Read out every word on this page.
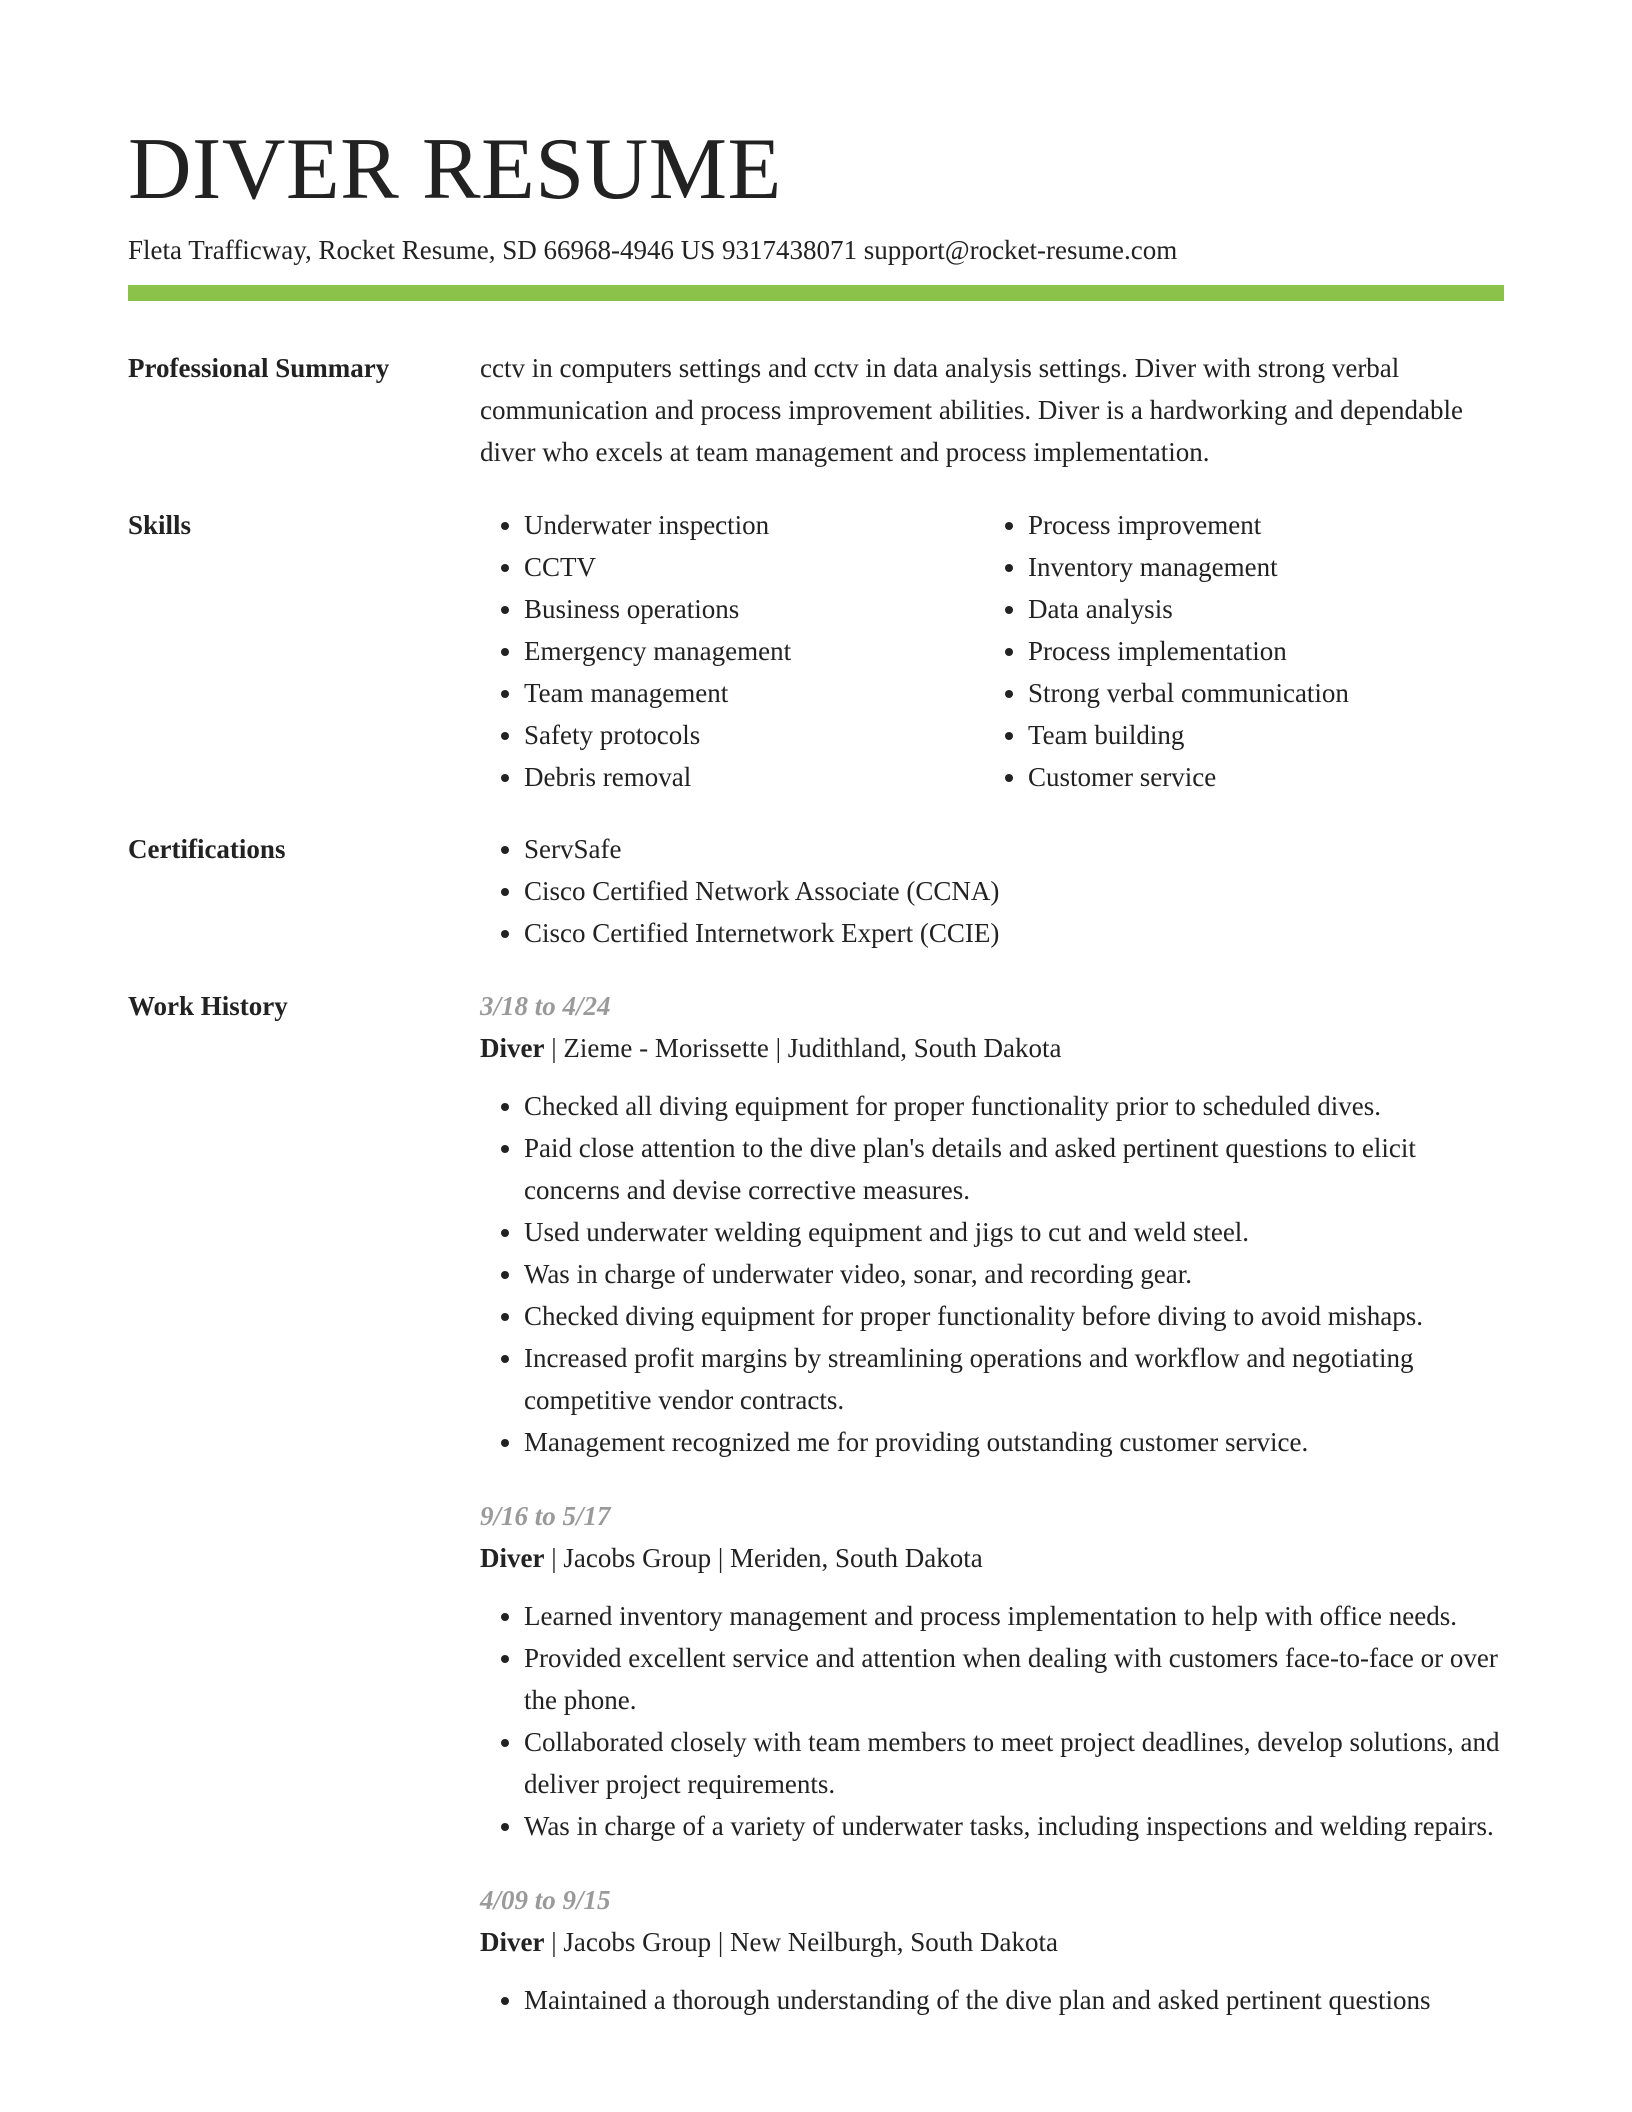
DIVER RESUME
Fleta Trafficway, Rocket Resume, SD 66968-4946 US 9317438071 support@rocket-resume.com
Professional Summary	cctv in computers settings and cctv in data analysis settings. Diver with strong verbal communication and process improvement abilities. Diver is a hardworking and dependable diver who excels at team management and process implementation.

Skills	• Underwater inspection
• CCTV
• Business operations
• Emergency management
• Team management
• Safety protocols
• Debris removal
• Process improvement
• Inventory management
• Data analysis
• Process implementation
• Strong verbal communication
• Team building
• Customer service
Certifications	• ServSafe
• Cisco Certified Network Associate (CCNA)
• Cisco Certified Internetwork Expert (CCIE)
Work History	3/18 to 4/24
Diver | Zieme - Morissette | Judithland, South Dakota
• Checked all diving equipment for proper functionality prior to scheduled dives.
• Paid close attention to the dive plan's details and asked pertinent questions to elicit concerns and devise corrective measures.
• Used underwater welding equipment and jigs to cut and weld steel.
• Was in charge of underwater video, sonar, and recording gear.
• Checked diving equipment for proper functionality before diving to avoid mishaps.
• Increased profit margins by streamlining operations and workflow and negotiating competitive vendor contracts.
• Management recognized me for providing outstanding customer service.
9/16 to 5/17
Diver | Jacobs Group | Meriden, South Dakota
• Learned inventory management and process implementation to help with office needs.
• Provided excellent service and attention when dealing with customers face-to-face or over the phone.
• Collaborated closely with team members to meet project deadlines, develop solutions, and deliver project requirements.
• Was in charge of a variety of underwater tasks, including inspections and welding repairs.
4/09 to 9/15
Diver | Jacobs Group | New Neilburgh, South Dakota
• Maintained a thorough understanding of the dive plan and asked pertinent questions
